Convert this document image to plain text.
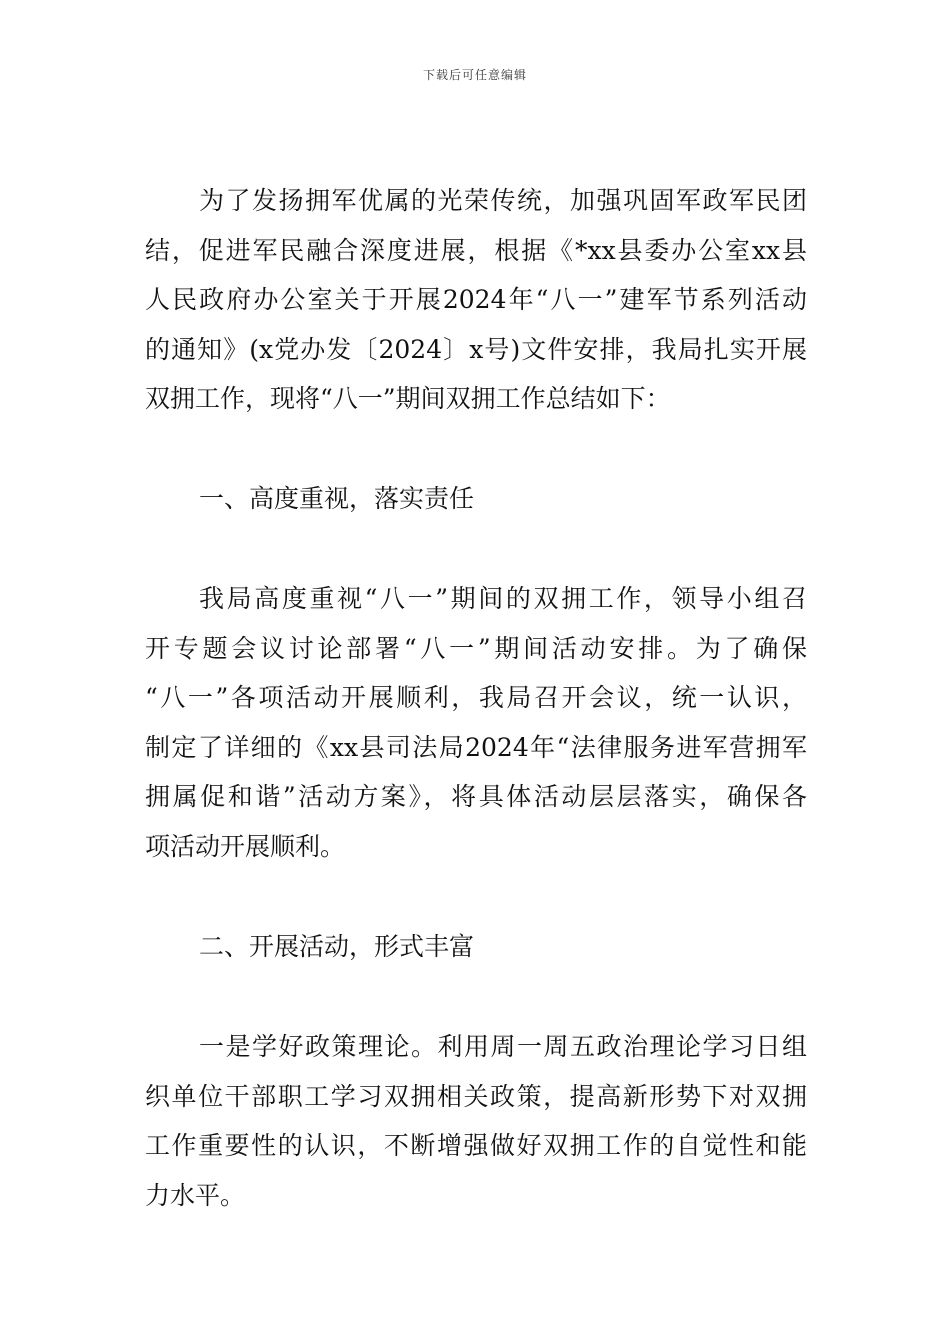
下载后可任意编辑
为了发扬拥军优属的光荣传统，加强巩固军政军民团
结，促进军民融合深度进展，根据《*xx县委办公室xx县
人民政府办公室关于开展2024年“八一”建军节系列活动
的通知》(x党办发〔2024〕x号)文件安排，我局扎实开展
双拥工作，现将“八一”期间双拥工作总结如下：
一、高度重视，落实责任
我局高度重视“八一”期间的双拥工作，领导小组召
开专题会议讨论部署“八一”期间活动安排。为了确保
“八一”各项活动开展顺利，我局召开会议，统一认识，
制定了详细的《xx县司法局2024年“法律服务进军营拥军
拥属促和谐”活动方案》，将具体活动层层落实，确保各
项活动开展顺利。
二、开展活动，形式丰富
一是学好政策理论。利用周一周五政治理论学习日组
织单位干部职工学习双拥相关政策，提高新形势下对双拥
工作重要性的认识，不断增强做好双拥工作的自觉性和能
力水平。
